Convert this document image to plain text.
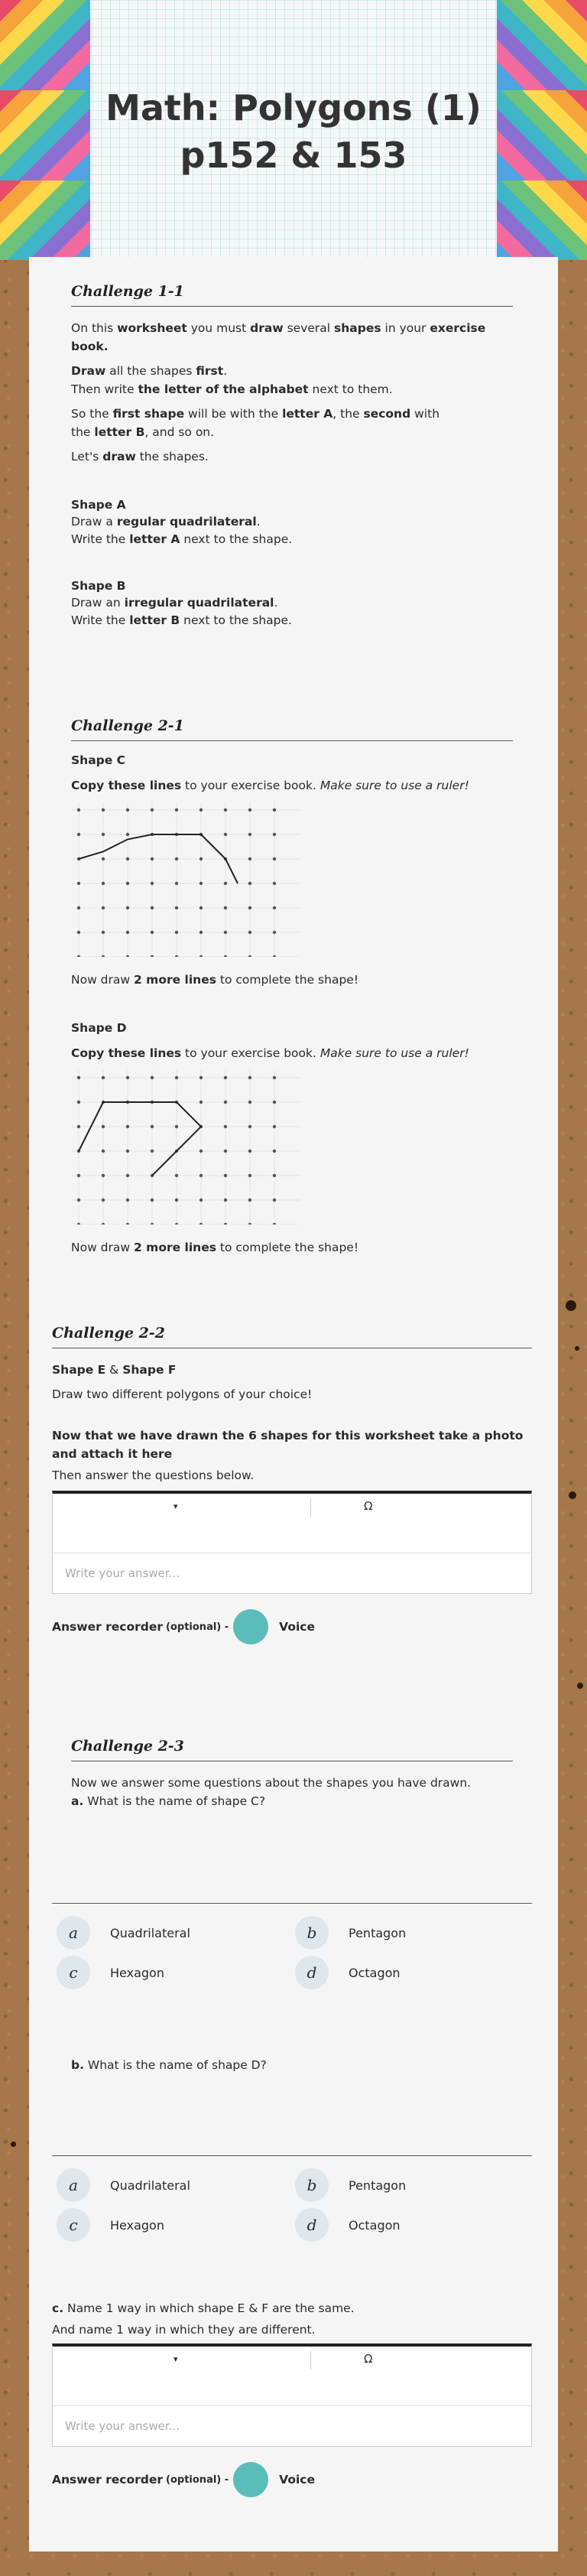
Math: Polygons (1)
p152 & 153
Challenge 1-1

On this worksheet you must draw several shapes in your exercise book.

Draw all the shapes first.
Then write the letter of the alphabet next to them.

So the first shape will be with the letter A, the second with
the letter B, and so on.

Let's draw the shapes.

Shape A

Draw a regular quadrilateral.
Write the letter A next to the shape.

Shape B

Draw an irregular quadrilateral.
Write the letter B next to the shape.

Challenge 2-1
Shape C

Copy these lines to your exercise book. Make sure to use a ruler!

Now draw 2 more lines to complete the shape!

Shape D

Copy these lines to your exercise book. Make sure to use a ruler!

Now draw 2 more lines to complete the shape!

Challenge 2-2

Shape E & Shape F

Draw two different polygons of your choice!

Now that we have drawn the 6 shapes for this worksheet take a photo and attach it here

Then answer the questions below.

▾	Ω
Write your answer...
Answer recorder (optional) -	Voice
Challenge 2-3

Now we answer some questions about the shapes you have drawn.

a. What is the name of shape C?

a	Quadrilateral	b	Pentagon
c	Hexagon	d	Octagon

b. What is the name of shape D?

a	Quadrilateral	b	Pentagon
c	Hexagon	d	Octagon

c. Name 1 way in which shape E & F are the same.

And name 1 way in which they are different.

▾	Ω
Write your answer...
Answer recorder (optional) -	Voice
